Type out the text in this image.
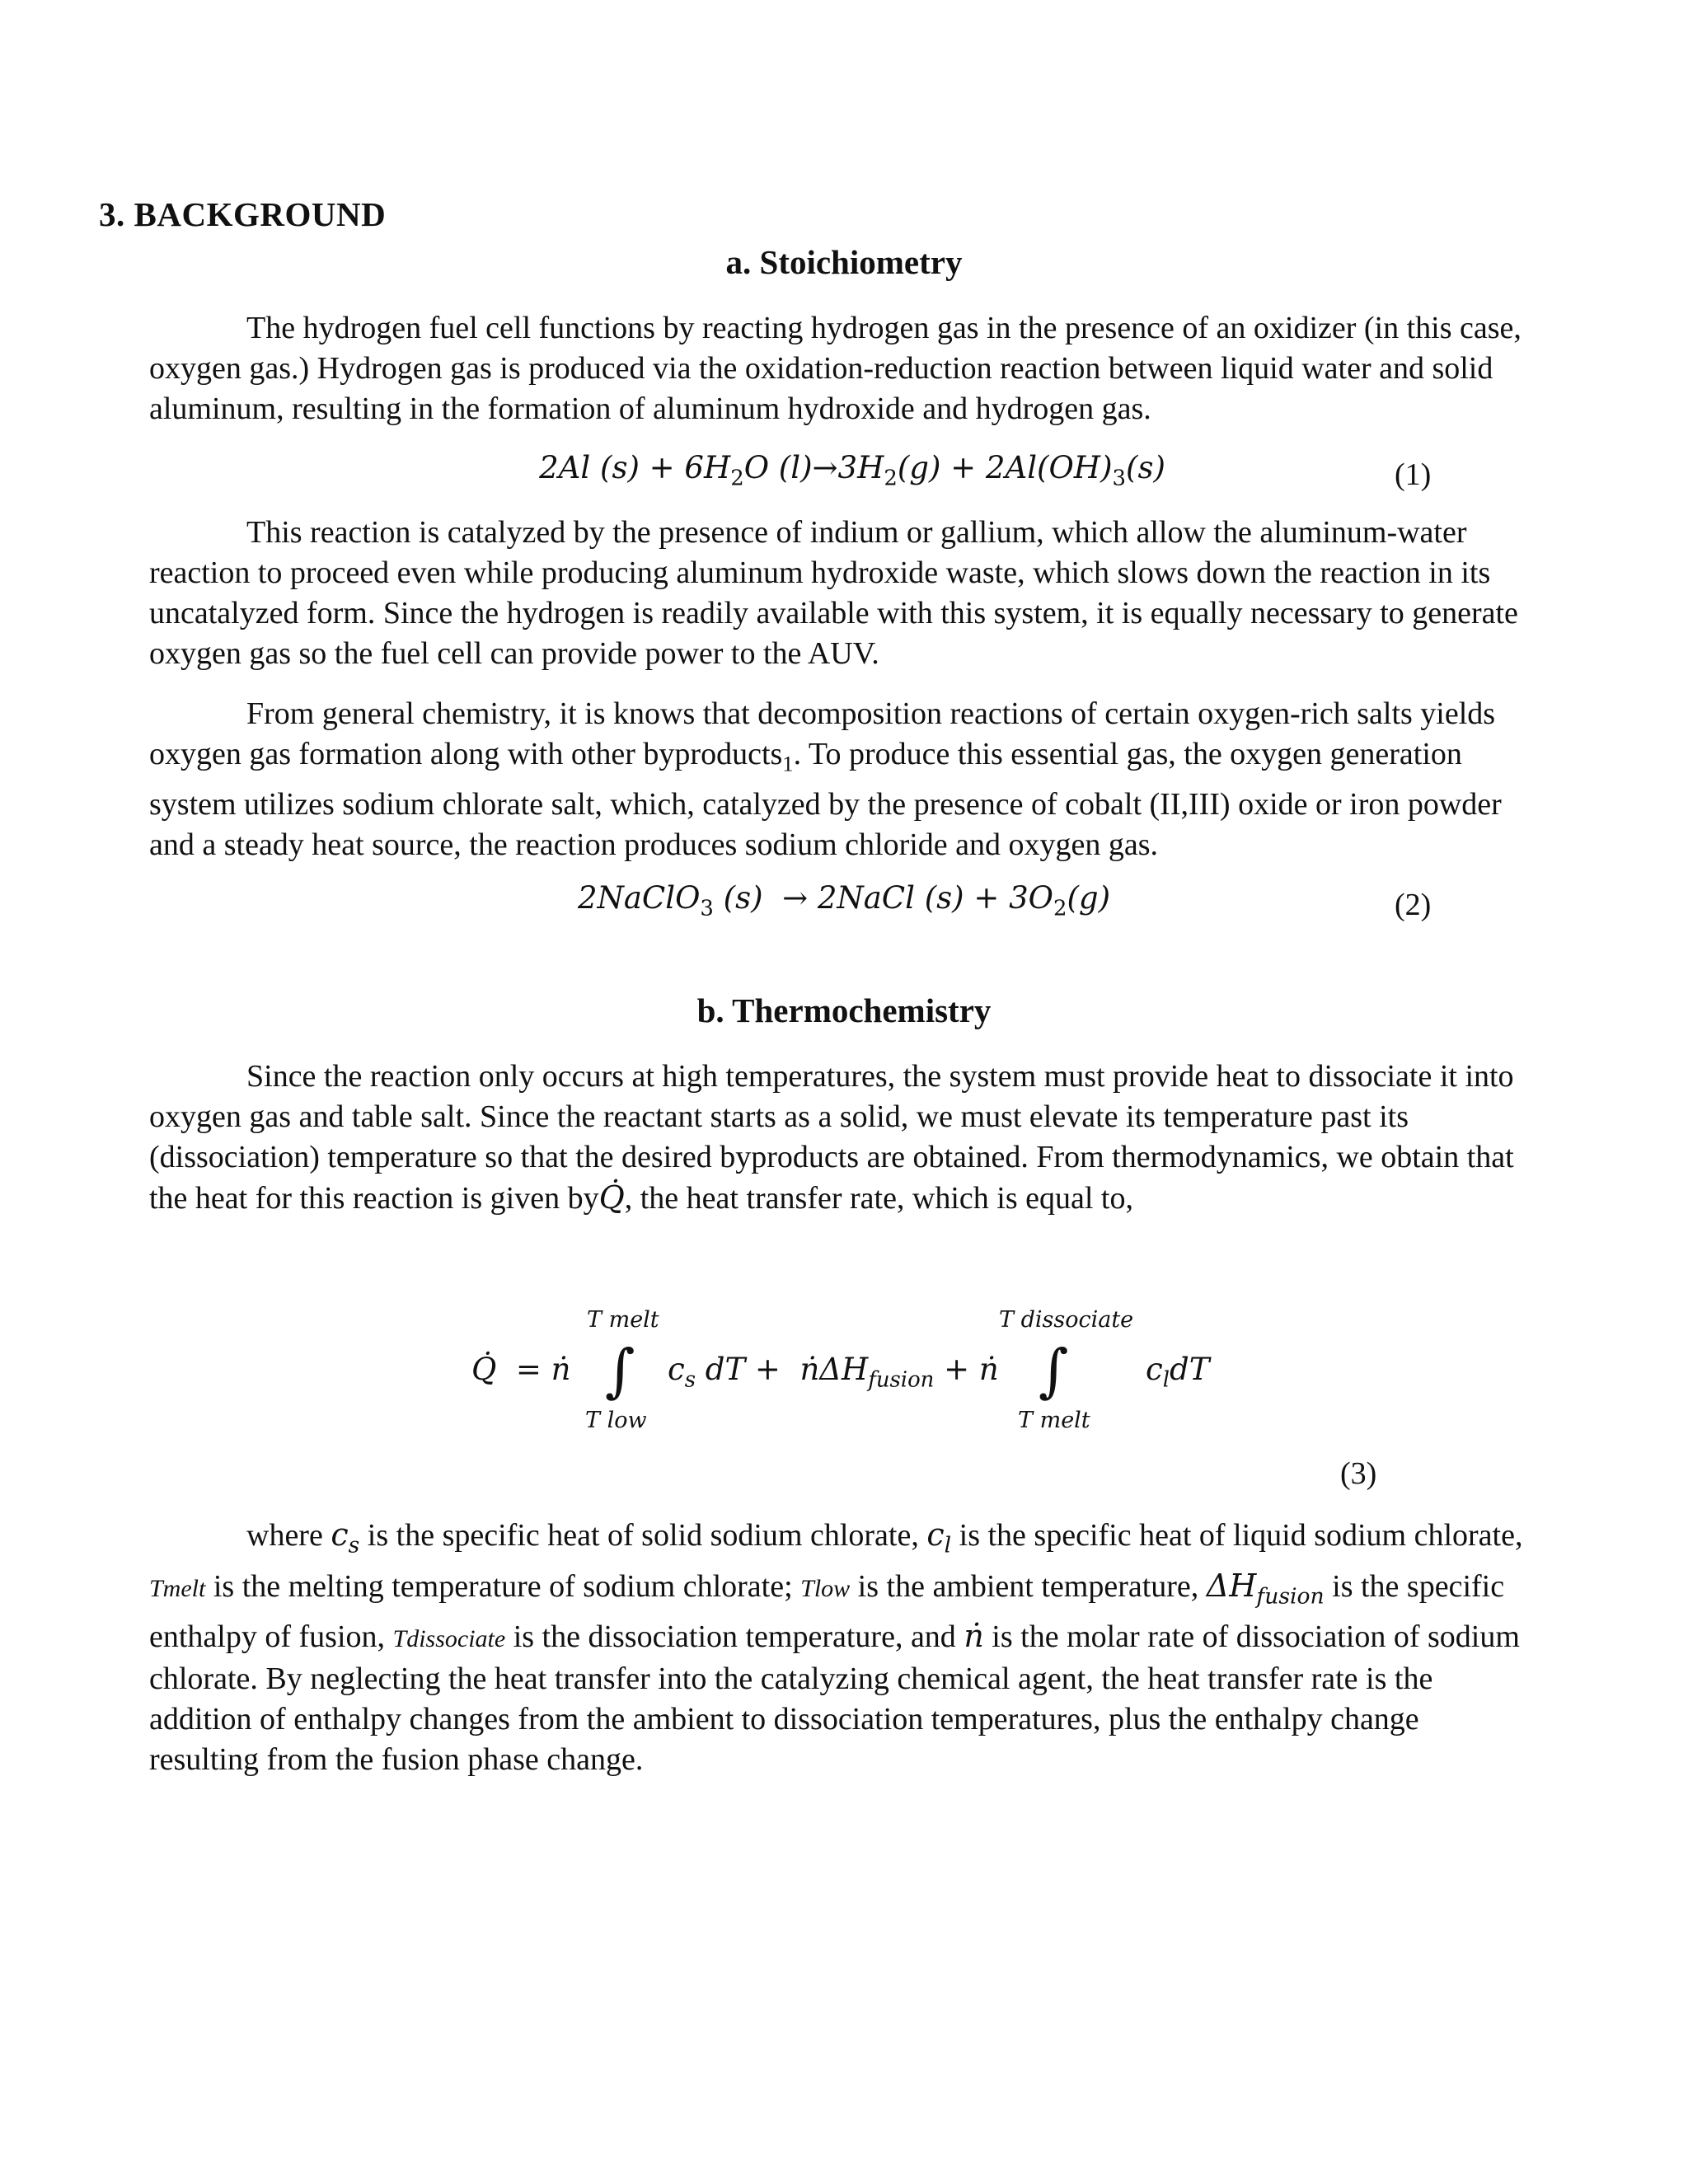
3. BACKGROUND
a. Stoichiometry
The hydrogen fuel cell functions by reacting hydrogen gas in the presence of an oxidizer (in this case, oxygen gas.) Hydrogen gas is produced via the oxidation-reduction reaction between liquid water and solid aluminum, resulting in the formation of aluminum hydroxide and hydrogen gas.
2Al $(s) + 6H_2O$ $(l)\to 3H_2(g) + 2Al(OH)_3(s)$	(1)
This reaction is catalyzed by the presence of indium or gallium, which allow the aluminum-water reaction to proceed even while producing aluminum hydroxide waste, which slows down the reaction in its uncatalyzed form. Since the hydrogen is readily available with this system, it is equally necessary to generate oxygen gas so the fuel cell can provide power to the AUV.
From general chemistry, it is knows that decomposition reactions of certain oxygen-rich salts yields oxygen gas formation along with other byproducts$_1$. To produce this essential gas, the oxygen generation system utilizes sodium chlorate salt, which, catalyzed by the presence of cobalt (II,III) oxide or iron powder and a steady heat source, the reaction produces sodium chloride and oxygen gas.
2NaClO$_3$ (s)  → 2NaCl $(s) + 3O_2(g)$	(2)
b. Thermochemistry
Since the reaction only occurs at high temperatures, the system must provide heat to dissociate it into oxygen gas and table salt. Since the reactant starts as a solid, we must elevate its temperature past its (dissociation) temperature so that the desired byproducts are obtained. From thermodynamics, we obtain that the heat for this reaction is given byQ̇, the heat transfer rate, which is equal to,
T melt
T low
T dissociate
T melt
Q̇  = ṅ ∫ $c_s$ dT +  ṅΔH$_{fusion}$ + ṅ ∫	$c_ldT$
(3)
where $c_s$ is the specific heat of solid sodium chlorate, $c_l$ is the specific heat of liquid sodium chlorate, Tmelt is the melting temperature of sodium chlorate; Tlow is the ambient temperature, $\Delta H_{fusion}$ is the specific enthalpy of fusion, Tdissociate is the dissociation temperature, and ṅ is the molar rate of dissociation of sodium chlorate. By neglecting the heat transfer into the catalyzing chemical agent, the heat transfer rate is the addition of enthalpy changes from the ambient to dissociation temperatures, plus the enthalpy change resulting from the fusion phase change.
